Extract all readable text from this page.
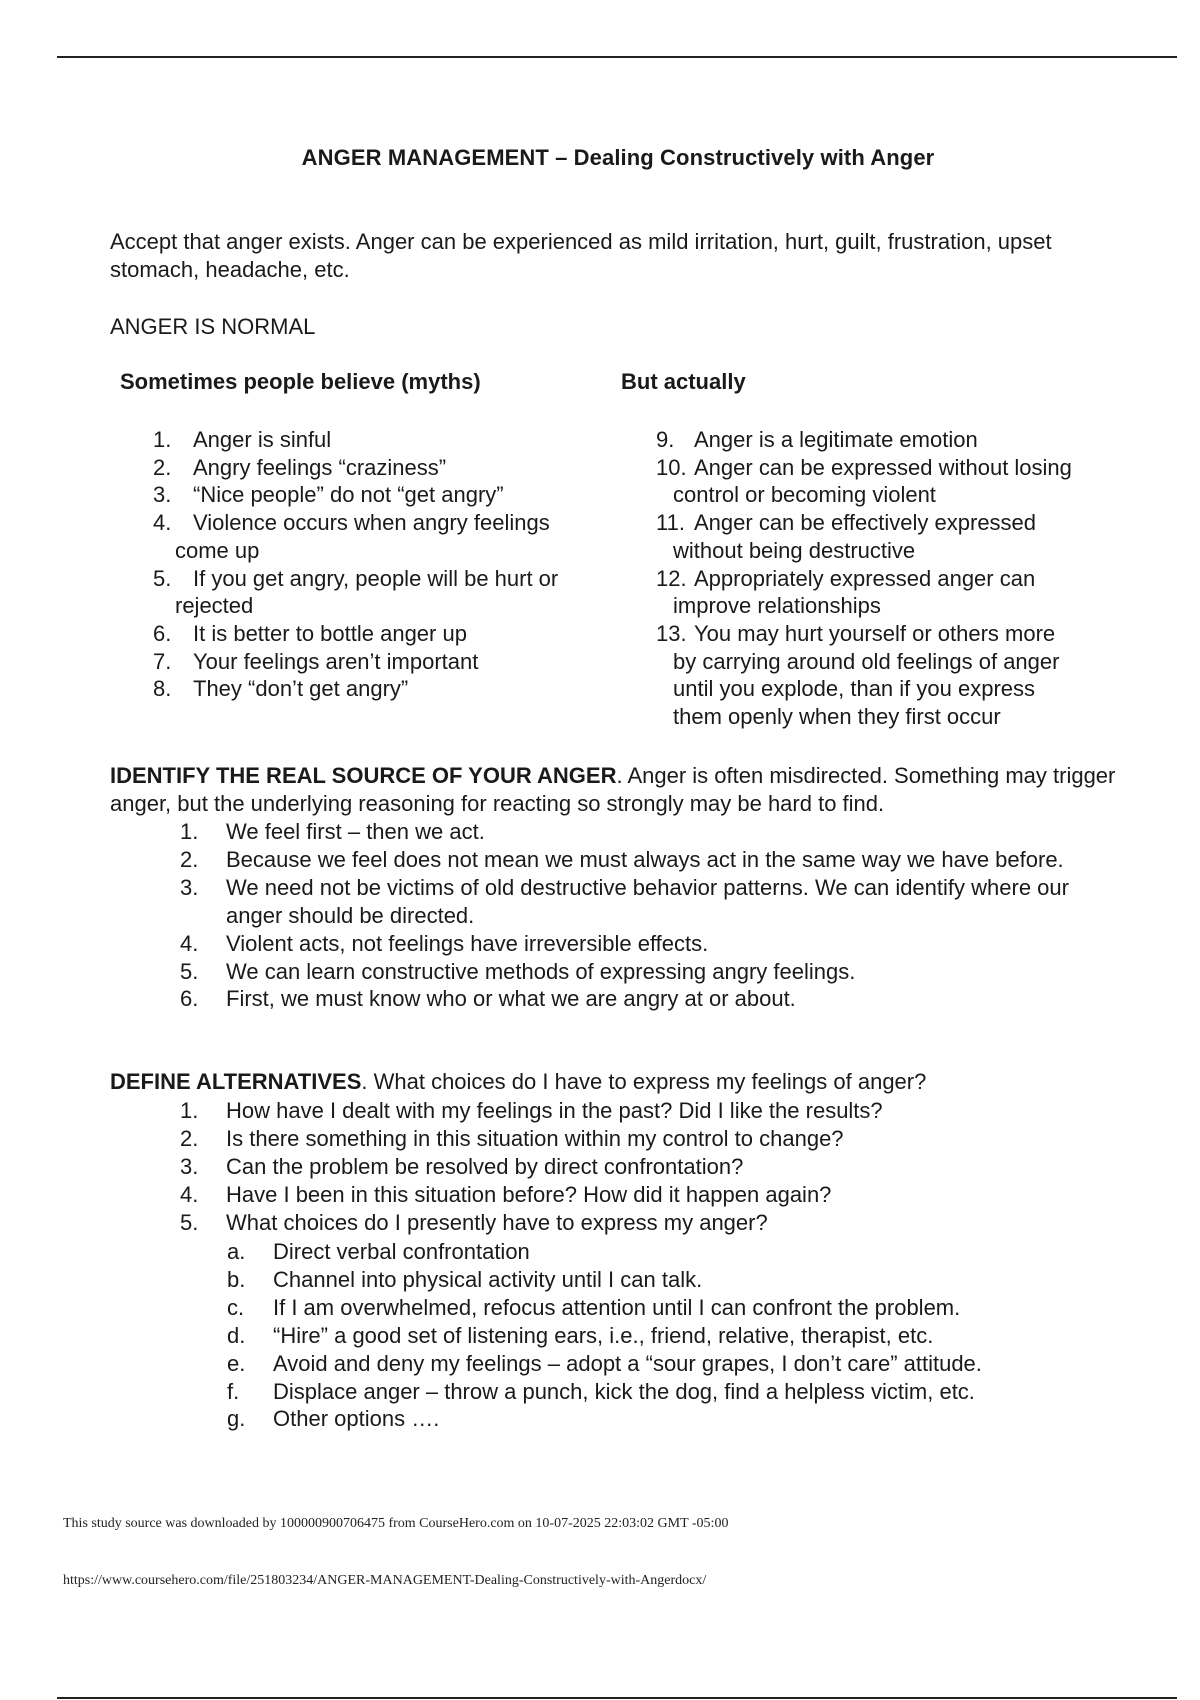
ANGER MANAGEMENT – Dealing Constructively with Anger
Accept that anger exists. Anger can be experienced as mild irritation, hurt, guilt, frustration, upset stomach, headache, etc.
ANGER IS NORMAL
Sometimes people believe (myths)	But actually
1. Anger is sinful
2. Angry feelings “craziness”
3. “Nice people” do not “get angry”
4. Violence occurs when angry feelings
come up
5. If you get angry, people will be hurt or
rejected
6. It is better to bottle anger up
7. Your feelings aren’t important
8. They “don’t get angry”
9. Anger is a legitimate emotion
10. Anger can be expressed without losing
control or becoming violent
11. Anger can be effectively expressed
without being destructive
12. Appropriately expressed anger can
improve relationships
13. You may hurt yourself or others more
by carrying around old feelings of anger
until you explode, than if you express
them openly when they first occur
IDENTIFY THE REAL SOURCE OF YOUR ANGER. Anger is often misdirected. Something may trigger anger, but the underlying reasoning for reacting so strongly may be hard to find.
1.	We feel first – then we act.
2.	Because we feel does not mean we must always act in the same way we have before.
3.	We need not be victims of old destructive behavior patterns. We can identify where our anger should be directed.
4.	Violent acts, not feelings have irreversible effects.
5.	We can learn constructive methods of expressing angry feelings.
6.	First, we must know who or what we are angry at or about.
DEFINE ALTERNATIVES. What choices do I have to express my feelings of anger?
1.	How have I dealt with my feelings in the past? Did I like the results?
2.	Is there something in this situation within my control to change?
3.	Can the problem be resolved by direct confrontation?
4.	Have I been in this situation before? How did it happen again?
5.	What choices do I presently have to express my anger?
a.	Direct verbal confrontation
b.	Channel into physical activity until I can talk.
c.	If I am overwhelmed, refocus attention until I can confront the problem.
d.	“Hire” a good set of listening ears, i.e., friend, relative, therapist, etc.
e.	Avoid and deny my feelings – adopt a “sour grapes, I don’t care” attitude.
f.	Displace anger – throw a punch, kick the dog, find a helpless victim, etc.
g.	Other options ….
This study source was downloaded by 100000900706475 from CourseHero.com on 10-07-2025 22:03:02 GMT -05:00
https://www.coursehero.com/file/251803234/ANGER-MANAGEMENT-Dealing-Constructively-with-Angerdocx/
